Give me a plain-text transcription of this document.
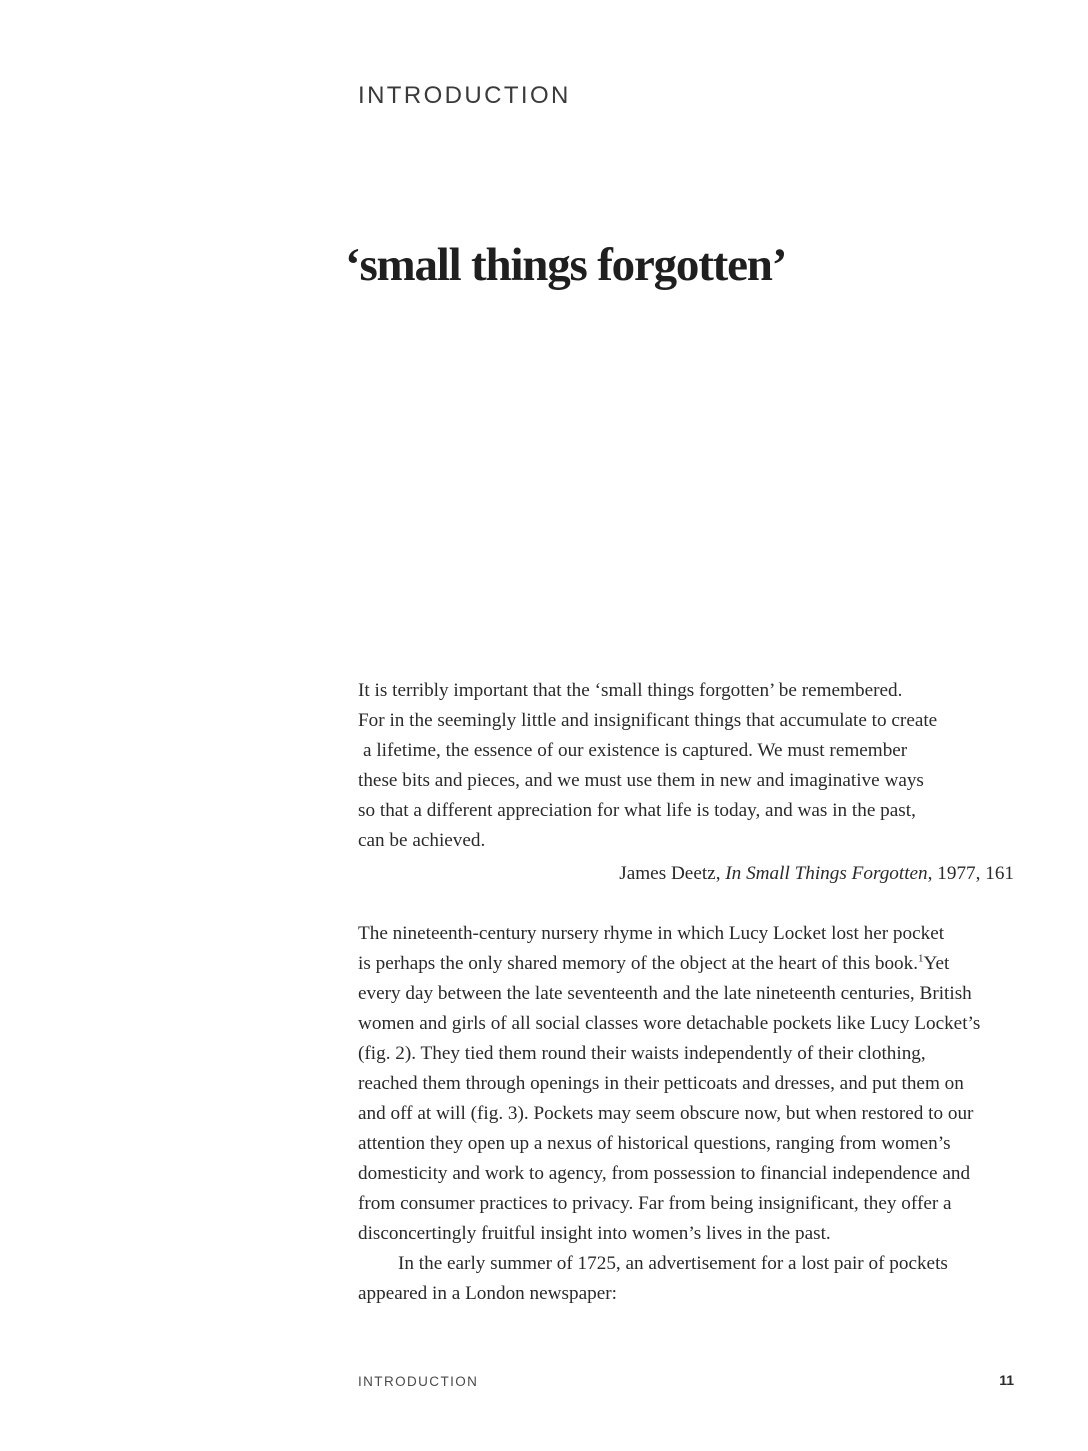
INTRODUCTION
‘small things forgotten’
It is terribly important that the ‘small things forgotten’ be remembered.
For in the seemingly little and insignificant things that accumulate to create
a lifetime, the essence of our existence is captured. We must remember
these bits and pieces, and we must use them in new and imaginative ways
so that a different appreciation for what life is today, and was in the past,
can be achieved.
James Deetz, In Small Things Forgotten, 1977, 161
The nineteenth-century nursery rhyme in which Lucy Locket lost her pocket
is perhaps the only shared memory of the object at the heart of this book.$^1$Yet
every day between the late seventeenth and the late nineteenth centuries, British
women and girls of all social classes wore detachable pockets like Lucy Locket’s
(fig. 2). They tied them round their waists independently of their clothing,
reached them through openings in their petticoats and dresses, and put them on
and off at will (fig. 3). Pockets may seem obscure now, but when restored to our
attention they open up a nexus of historical questions, ranging from women’s
domesticity and work to agency, from possession to financial independence and
from consumer practices to privacy. Far from being insignificant, they offer a
disconcertingly fruitful insight into women’s lives in the past.
In the early summer of 1725, an advertisement for a lost pair of pockets
appeared in a London newspaper:
INTRODUCTION	11
